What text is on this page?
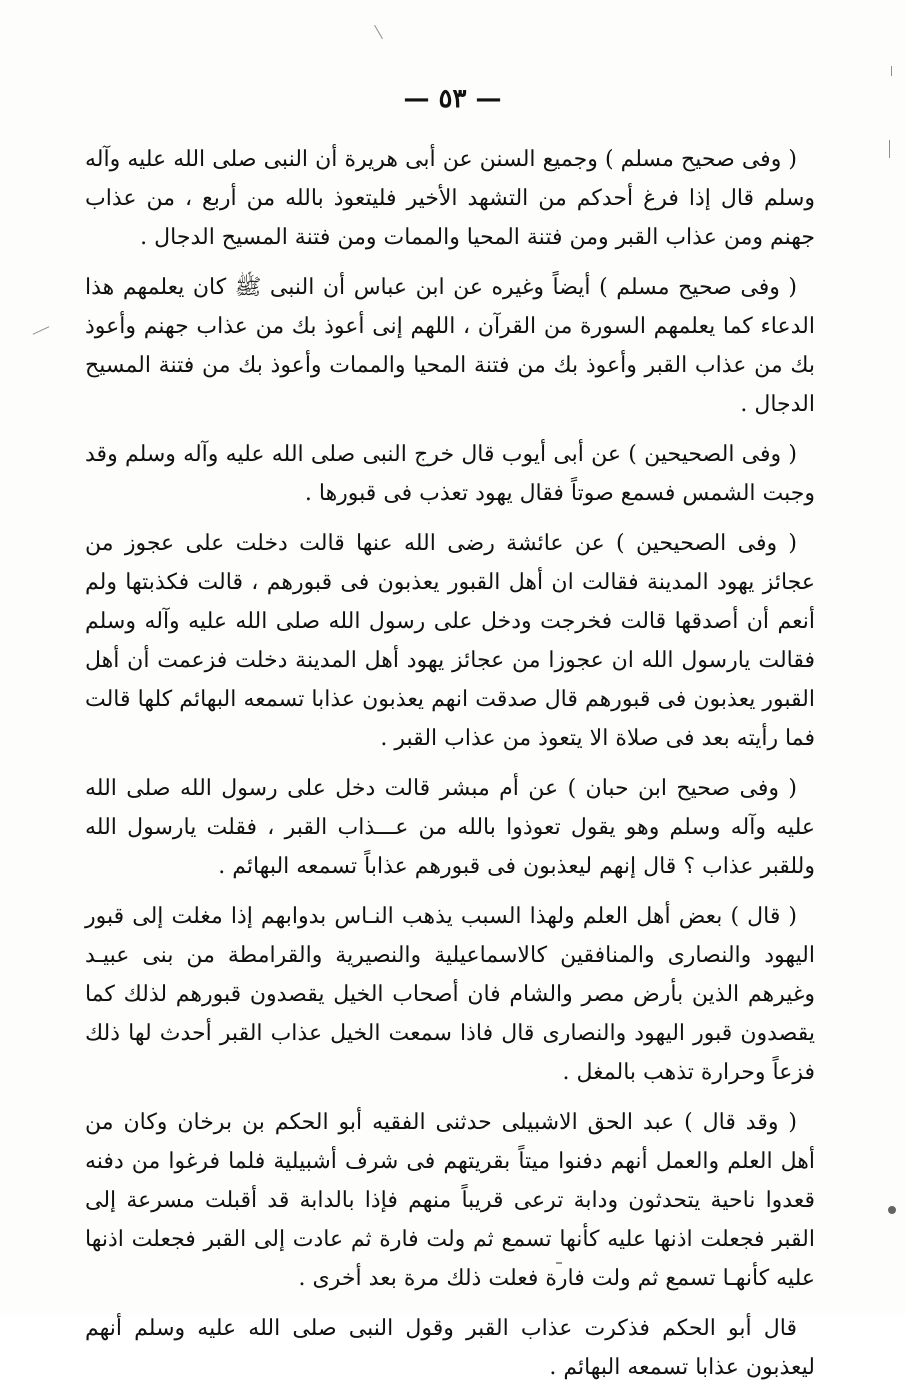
— ٥٣ —

( وفى صحيح مسلم ) وجميع السنن عن أبى هريرة أن النبى صلى الله عليه وآله وسلم قال إذا فرغ أحدكم من التشهد الأخير فليتعوذ بالله من أربع ، من عذاب جهنم ومن عذاب القبر ومن فتنة المحيا والممات ومن فتنة المسيح الدجال .

( وفى صحيح مسلم ) أيضاً وغيره عن ابن عباس أن النبى ﷺ كان يعلمهم هذا الدعاء كما يعلمهم السورة من القرآن ، اللهم إنى أعوذ بك من عذاب جهنم وأعوذ بك من عذاب القبر وأعوذ بك من فتنة المحيا والممات وأعوذ بك من فتنة المسيح الدجال .

( وفى الصحيحين ) عن أبى أيوب قال خرج النبى صلى الله عليه وآله وسلم وقد وجبت الشمس فسمع صوتاً فقال يهود تعذب فى قبورها .

( وفى الصحيحين ) عن عائشة رضى الله عنها قالت دخلت على عجوز من عجائز يهود المدينة فقالت ان أهل القبور يعذبون فى قبورهم ، قالت فكذبتها ولم أنعم أن أصدقها قالت فخرجت ودخل على رسول الله صلى الله عليه وآله وسلم فقالت يارسول الله ان عجوزا من عجائز يهود أهل المدينة دخلت فزعمت أن أهل القبور يعذبون فى قبورهم قال صدقت انهم يعذبون عذابا تسمعه البهائم كلها قالت فما رأيته بعد فى صلاة الا يتعوذ من عذاب القبر .

( وفى صحيح ابن حبان ) عن أم مبشر قالت دخل على رسول الله صلى الله عليه وآله وسلم وهو يقول تعوذوا بالله من عـــذاب القبر ، فقلت يارسول الله وللقبر عذاب ؟ قال إنهم ليعذبون فى قبورهم عذاباً تسمعه البهائم .

( قال ) بعض أهل العلم ولهذا السبب يذهب النـاس بدوابهم إذا مغلت إلى قبور اليهود والنصارى والمنافقين كالاسماعيلية والنصيرية والقرامطة من بنى عبيـد وغيرهم الذين بأرض مصر والشام فان أصحاب الخيل يقصدون قبورهم لذلك كما يقصدون قبور اليهود والنصارى قال فاذا سمعت الخيل عذاب القبر أحدث لها ذلك فزعاً وحرارة تذهب بالمغل .

( وقد قال ) عبد الحق الاشبيلى حدثنى الفقيه أبو الحكم بن برخان وكان من أهل العلم والعمل أنهم دفنوا ميتاً بقريتهم فى شرف أشبيلية فلما فرغوا من دفنه قعدوا ناحية يتحدثون ودابة ترعى قريباً منهم فإذا بالدابة قد أقبلت مسرعة إلى القبر فجعلت اذنها عليه كأنها تسمع ثم ولت فارة ثم عادت إلى القبر فجعلت اذنها عليه كأنهـا تسمع ثم ولت فارة فعلت ذلك مرة بعد أخرى .

قال أبو الحكم فذكرت عذاب القبر وقول النبى صلى الله عليه وسلم أنهم ليعذبون عذابا تسمعه البهائم .
